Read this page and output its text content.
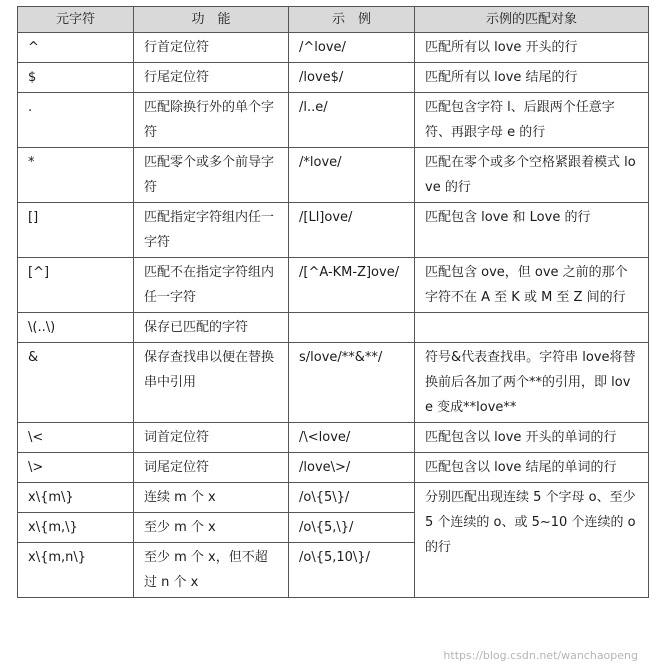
元字符	功　能	示　例	示例的匹配对象
^	行首定位符	/^love/	匹配所有以 love 开头的行
$	行尾定位符	/love$/	匹配所有以 love 结尾的行
.	匹配除换行外的单个字符	/l..e/	匹配包含字符 l、后跟两个任意字符、再跟字母 e 的行
*	匹配零个或多个前导字符	/*love/	匹配在零个或多个空格紧跟着模式 love 的行
[]	匹配指定字符组内任一字符	/[Ll]ove/	匹配包含 love 和 Love 的行
[^]	匹配不在指定字符组内任一字符	/[^A-KM-Z]ove/	匹配包含 ove，但 ove 之前的那个字符不在 A 至 K 或 M 至 Z 间的行
\(..\)	保存已匹配的字符		
&	保存查找串以便在替换串中引用	s/love/**&**/	符号&代表查找串。字符串 love将替换前后各加了两个**的引用，即 love 变成**love**
\<	词首定位符	/\<love/	匹配包含以 love 开头的单词的行
\>	词尾定位符	/love\>/	匹配包含以 love 结尾的单词的行
x\{m\}	连续 m 个 x	/o\{5\}/	分别匹配出现连续 5 个字母 o、至少 5 个连续的 o、或 5~10 个连续的 o 的行
x\{m,\}	至少 m 个 x	/o\{5,\}/	
x\{m,n\}	至少 m 个 x，但不超过 n 个 x	/o\{5,10\}/	
https://blog.csdn.net/wanchaopeng
